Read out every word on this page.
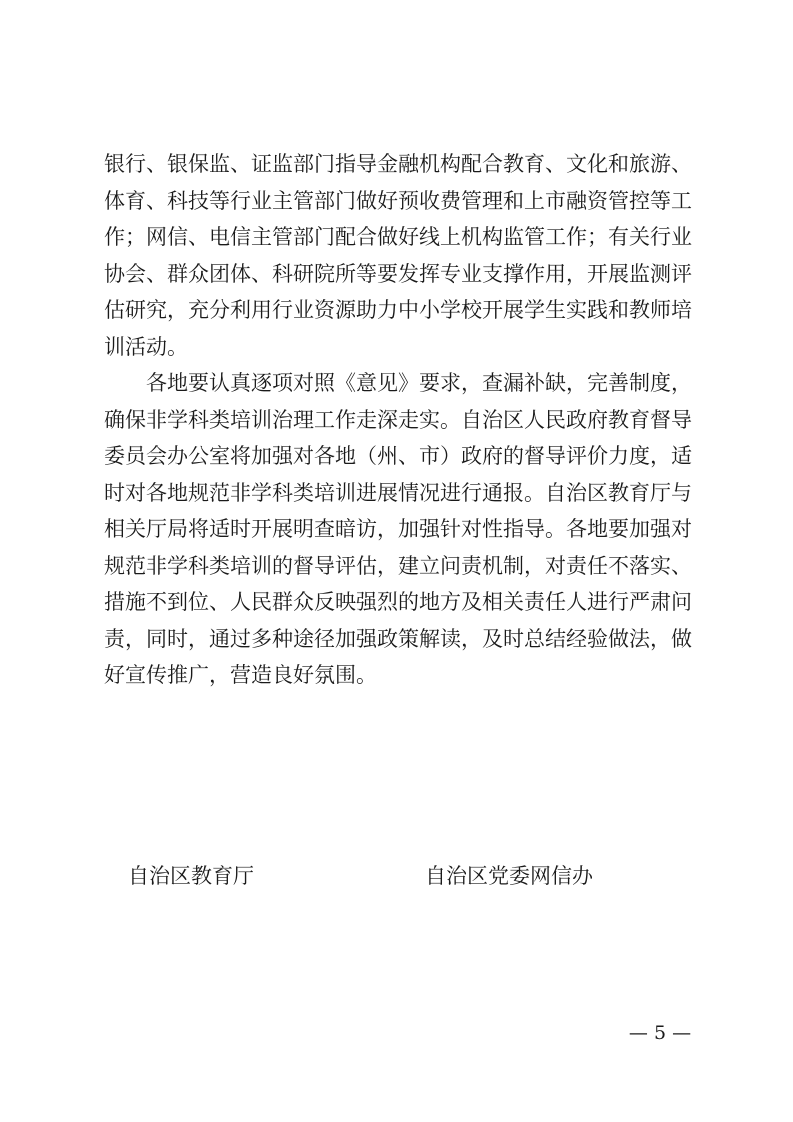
银行、银保监、证监部门指导金融机构配合教育、文化和旅游、
体育、科技等行业主管部门做好预收费管理和上市融资管控等工
作；网信、电信主管部门配合做好线上机构监管工作；有关行业
协会、群众团体、科研院所等要发挥专业支撑作用，开展监测评
估研究，充分利用行业资源助力中小学校开展学生实践和教师培
训活动。
各地要认真逐项对照《意见》要求，查漏补缺，完善制度，
确保非学科类培训治理工作走深走实。自治区人民政府教育督导
委员会办公室将加强对各地（州、市）政府的督导评价力度，适
时对各地规范非学科类培训进展情况进行通报。自治区教育厅与
相关厅局将适时开展明查暗访，加强针对性指导。各地要加强对
规范非学科类培训的督导评估，建立问责机制，对责任不落实、
措施不到位、人民群众反映强烈的地方及相关责任人进行严肃问
责，同时，通过多种途径加强政策解读，及时总结经验做法，做
好宣传推广，营造良好氛围。
自治区教育厅	自治区党委网信办
— 5 —
